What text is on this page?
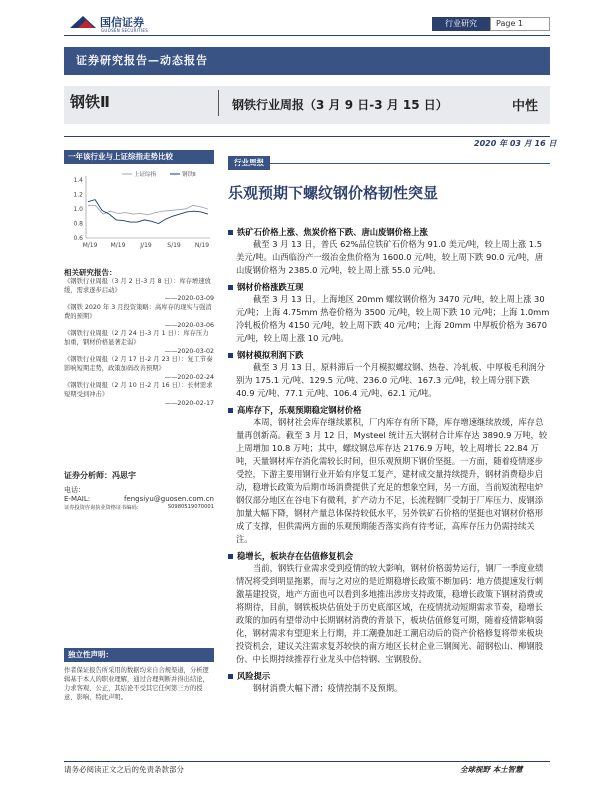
国信证券
GUOSEN SECURITIES
行业研究	Page 1
证券研究报告—动态报告
钢铁Ⅱ	钢铁行业周报（3 月 9 日-3 月 15 日）	中性
2020 年 03 月 16 日
一年该行业与上证综指走势比较
1.4
1.2
1.0
0.8
0.6
M/19 M/19 J/19	S/19 N/19
上证综指	钢铁Ⅱ
相关研究报告：
《钢铁行业周报（3 月 2 日-3 月 8 日）：库存增速放缓，需求逐步启动》
——2020-03-09
《钢铁 2020 年 3 月投资策略：高库存的现实与强消费的预期》
——2020-03-06
《钢铁行业周报（2 月 24 日-3 月 1 日）：库存压力加重，钢材价格显著走弱》
——2020-03-02
《钢铁行业周报（2 月 17 日-2 月 23 日）：复工节奏影响短期走势，政策加码改善预期》
——2020-02-24
《钢铁行业周报（2 月 10 日-2 月 16 日）：长材需求短期受到冲击》
——2020-02-17
证券分析师：冯思宇
电话：
E-MAIL:	fengsiyu@guosen.com.cn
证券投资咨询执业资格证书编码：	S0980519070001
独立性声明：
作者保证报告所采用的数据均来自合规渠道，分析逻辑基于本人的职业理解，通过合理判断并得出结论，力求客观、公正，其结论不受其它任何第三方的授意、影响，特此声明。
乐观预期下螺纹钢价格韧性突显
铁矿石价格上涨、焦炭价格下跌、唐山废钢价格上涨
截至 3 月 13 日，普氏 62%品位铁矿石价格为 91.0 美元/吨，较上周上涨 1.5 美元/吨。山西临汾产一级冶金焦价格为 1600.0 元/吨，较上周下跌 90.0 元/吨，唐山废钢价格为 2385.0 元/吨，较上周上涨 55.0 元/吨。
钢材价格涨跌互现
截至 3 月 13 日，上海地区 20mm 螺纹钢价格为 3470 元/吨，较上周上涨 30 元/吨；上海 4.75mm 热卷价格为 3500 元/吨，较上周下跌 10 元/吨；上海 1.0mm 冷轧板价格为 4150 元/吨，较上周下跌 40 元/吨；上海 20mm 中厚板价格为 3670 元/吨，较上周上涨 10 元/吨。
钢材模拟利润下跌
截至 3 月 13 日，原料滞后一个月模拟螺纹钢、热卷、冷轧板、中厚板毛利润分别为 175.1 元/吨、129.5 元/吨、236.0 元/吨、167.3 元/吨，较上周分别下跌 40.9 元/吨、77.1 元/吨、106.4 元/吨、62.1 元/吨。
高库存下，乐观预期稳定钢材价格
本周，钢材社会库存继续累积，厂内库存有所下降，库存增速继续放缓，库存总量再创新高。截至 3 月 12 日，Mysteel 统计五大钢材合计库存达 3890.9 万吨，较上周增加 10.8 万吨；其中，螺纹钢总库存达 2176.9 万吨，较上周增长 22.84 万吨，天量钢材库存消化需较长时间，但乐观预期下钢价坚挺。一方面，随着疫情逐步受控，下游主要用钢行业开始有序复工复产，建材成交量持续提升，钢材消费稳步启动，稳增长政策为后期市场消费提供了充足的想象空间，另一方面，当前短流程电炉钢仅部分地区在谷电下有微利，扩产动力不足，长流程钢厂受制于厂库压力、废钢添加量大幅下降，钢材产量总体保持较低水平，另外铁矿石价格的坚挺也对钢材价格形成了支撑，但供需两方面的乐观预期能否落实尚有待考证，高库存压力仍需持续关注。
稳增长，板块存在估值修复机会
当前，钢铁行业需求受到疫情的较大影响，钢材价格弱势运行，钢厂一季度业绩情况将受到明显拖累，而与之对应的是近期稳增长政策不断加码：地方债提速发行刺激基建投资，地产方面也可以看到多地推出涉房支持政策，稳增长政策下钢材消费或将期待，目前，钢铁板块估值处于历史底部区域，在疫情扰动短期需求节奏，稳增长政策的加码有望带动中长期钢材消费的背景下，板块估值修复可期，随着疫情影响弱化，钢材需求有望迎来上行期，并工潮叠加赶工潮启动后的资产价格修复将带来板块投资机会，建议关注需求复苏较快的南方地区长材企业三钢闽光、韶钢松山、柳钢股份、中长期持续推荐行业龙头中信特钢、宝钢股份。
风险提示
钢材消费大幅下滑；疫情控制不及预期。
请务必阅读正文之后的免责条款部分	全球视野 本土智慧
